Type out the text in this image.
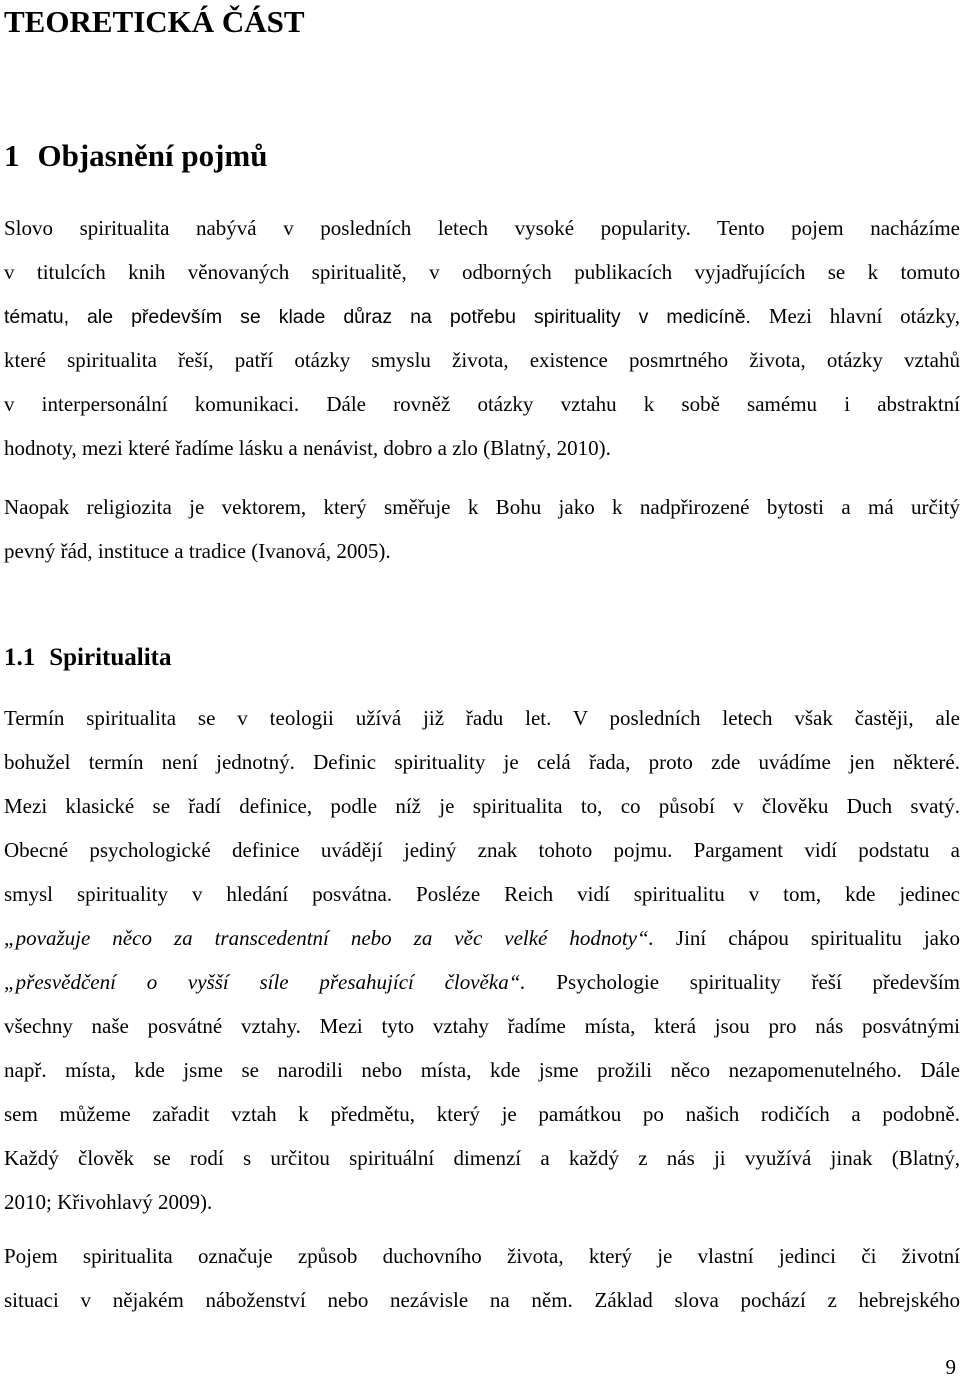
TEORETICKÁ ČÁST
1 Objasnění pojmů
Slovo spiritualita nabývá v posledních letech vysoké popularity. Tento pojem nacházíme
v titulcích knih věnovaných spiritualitě, v odborných publikacích vyjadřujících se k tomuto
tématu, ale především se klade důraz na potřebu spirituality v medicíně. Mezi hlavní otázky,
které spiritualita řeší, patří otázky smyslu života, existence posmrtného života, otázky vztahů
v interpersonální komunikaci. Dále rovněž otázky vztahu k sobě samému i abstraktní
hodnoty, mezi které řadíme lásku a nenávist, dobro a zlo (Blatný, 2010).
Naopak religiozita je vektorem, který směřuje k Bohu jako k nadpřirozené bytosti a má určitý
pevný řád, instituce a tradice (Ivanová, 2005).
1.1 Spiritualita
Termín spiritualita se v teologii užívá již řadu let. V posledních letech však častěji, ale
bohužel termín není jednotný. Definic spirituality je celá řada, proto zde uvádíme jen některé.
Mezi klasické se řadí definice, podle níž je spiritualita to, co působí v člověku Duch svatý.
Obecné psychologické definice uvádějí jediný znak tohoto pojmu. Pargament vidí podstatu a
smysl spirituality v hledání posvátna. Posléze Reich vidí spiritualitu v tom, kde jedinec
„považuje něco za transcedentní nebo za věc velké hodnoty“. Jiní chápou spiritualitu jako
„přesvědčení o vyšší síle přesahující člověka“. Psychologie spirituality řeší především
všechny naše posvátné vztahy. Mezi tyto vztahy řadíme místa, která jsou pro nás posvátnými
např. místa, kde jsme se narodili nebo místa, kde jsme prožili něco nezapomenutelného. Dále
sem můžeme zařadit vztah k předmětu, který je památkou po našich rodičích a podobně.
Každý člověk se rodí s určitou spirituální dimenzí a každý z nás ji využívá jinak (Blatný,
2010; Křivohlavý 2009).
Pojem spiritualita označuje způsob duchovního života, který je vlastní jedinci či životní
situaci v nějakém náboženství nebo nezávisle na něm. Základ slova pochází z hebrejského
9
